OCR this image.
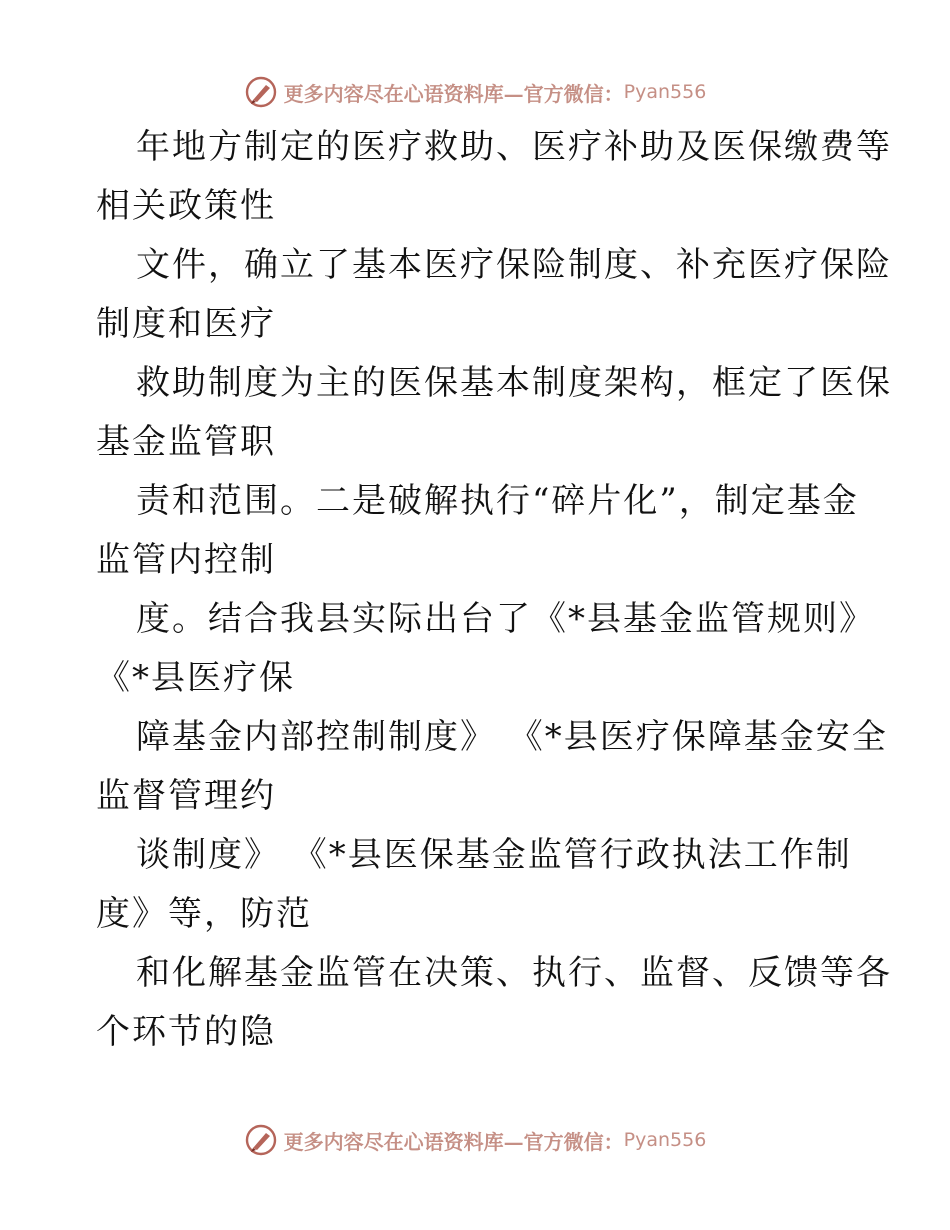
更多内容尽在心语资料库—官方微信： Pyan556
年地方制定的医疗救助、医疗补助及医保缴费等
相关政策性
文件，确立了基本医疗保险制度、补充医疗保险
制度和医疗
救助制度为主的医保基本制度架构，框定了医保
基金监管职
责和范围。二是破解执行“碎片化”，制定基金
监管内控制
度。结合我县实际出台了《*县基金监管规则》
《*县医疗保
障基金内部控制制度》 《*县医疗保障基金安全
监督管理约
谈制度》 《*县医保基金监管行政执法工作制
度》等，防范
和化解基金监管在决策、执行、监督、反馈等各
个环节的隐
更多内容尽在心语资料库—官方微信： Pyan556
